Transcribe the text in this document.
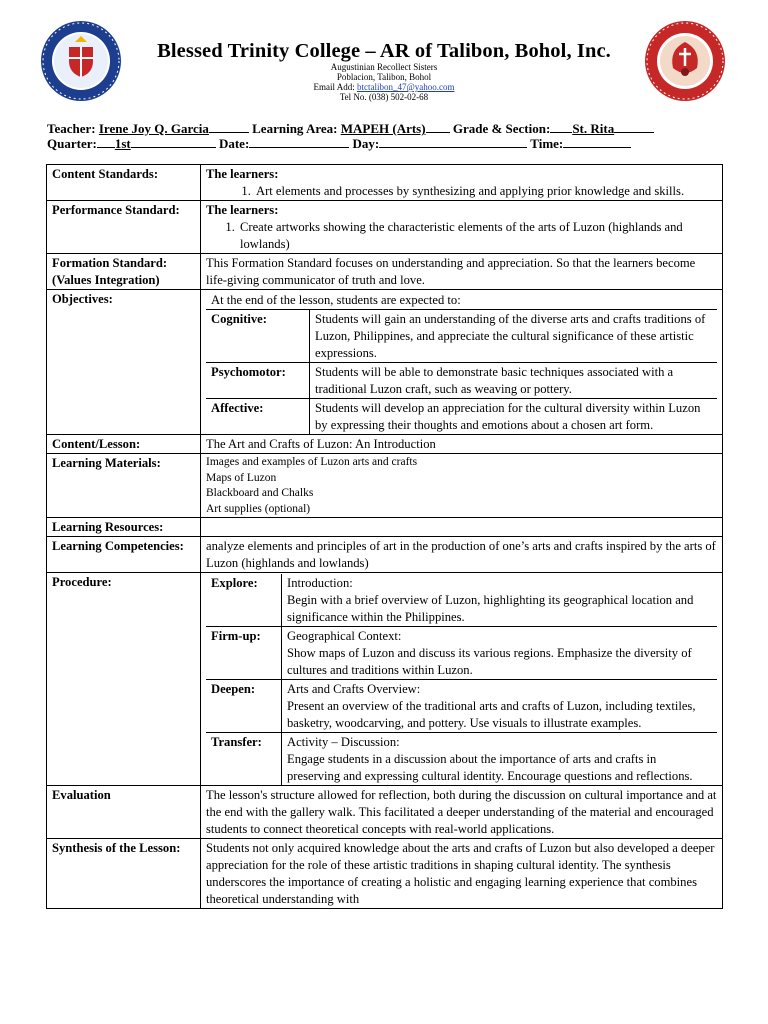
Blessed Trinity College – AR of Talibon, Bohol, Inc.
Augustinian Recollect Sisters
Poblacion, Talibon, Bohol
Email Add: btctalibon_47@yahoo.com
Tel No. (038) 502-02-68
Teacher: Irene Joy Q. Garcia	Learning Area: MAPEH (Arts) Grade & Section: St. Rita
Quarter: 1st	Date:	Day:	Time:
Content Standards:	The learners:
1. Art elements and processes by synthesizing and applying prior knowledge and skills.

Performance Standard:	The learners:
1. Create artworks showing the characteristic elements of the arts of Luzon (highlands and lowlands)

Formation Standard: (Values Integration)	This Formation Standard focuses on understanding and appreciation. So that the learners become life-giving communicator of truth and love.
Objectives:	At the end of the lesson, students are expected to:
Cognitive:	Students will gain an understanding of the diverse arts and crafts traditions of Luzon, Philippines, and appreciate the cultural significance of these artistic expressions.
Psychomotor:	Students will be able to demonstrate basic techniques associated with a traditional Luzon craft, such as weaving or pottery.
Affective:	Students will develop an appreciation for the cultural diversity within Luzon by expressing their thoughts and emotions about a chosen art form.

Content/Lesson:	The Art and Crafts of Luzon: An Introduction
Learning Materials:	Images and examples of Luzon arts and crafts
Maps of Luzon
Blackboard and Chalks
Art supplies (optional)

Learning Resources:	
Learning Competencies:	analyze elements and principles of art in the production of one’s arts and crafts inspired by the arts of Luzon (highlands and lowlands)
Procedure:		Explore:	Introduction:
Begin with a brief overview of Luzon, highlighting its geographical location and significance within the Philippines.

Firm-up:	Geographical Context:
Show maps of Luzon and discuss its various regions. Emphasize the diversity of cultures and traditions within Luzon.

Deepen:	Arts and Crafts Overview:
Present an overview of the traditional arts and crafts of Luzon, including textiles, basketry, woodcarving, and pottery. Use visuals to illustrate examples.

Transfer:	Activity – Discussion:
Engage students in a discussion about the importance of arts and crafts in preserving and expressing cultural identity. Encourage questions and reflections.

Evaluation	The lesson's structure allowed for reflection, both during the discussion on cultural importance and at the end with the gallery walk. This facilitated a deeper understanding of the material and encouraged students to connect theoretical concepts with real-world applications.
Synthesis of the Lesson:	Students not only acquired knowledge about the arts and crafts of Luzon but also developed a deeper appreciation for the role of these artistic traditions in shaping cultural identity. The synthesis underscores the importance of creating a holistic and engaging learning experience that combines theoretical understanding with
